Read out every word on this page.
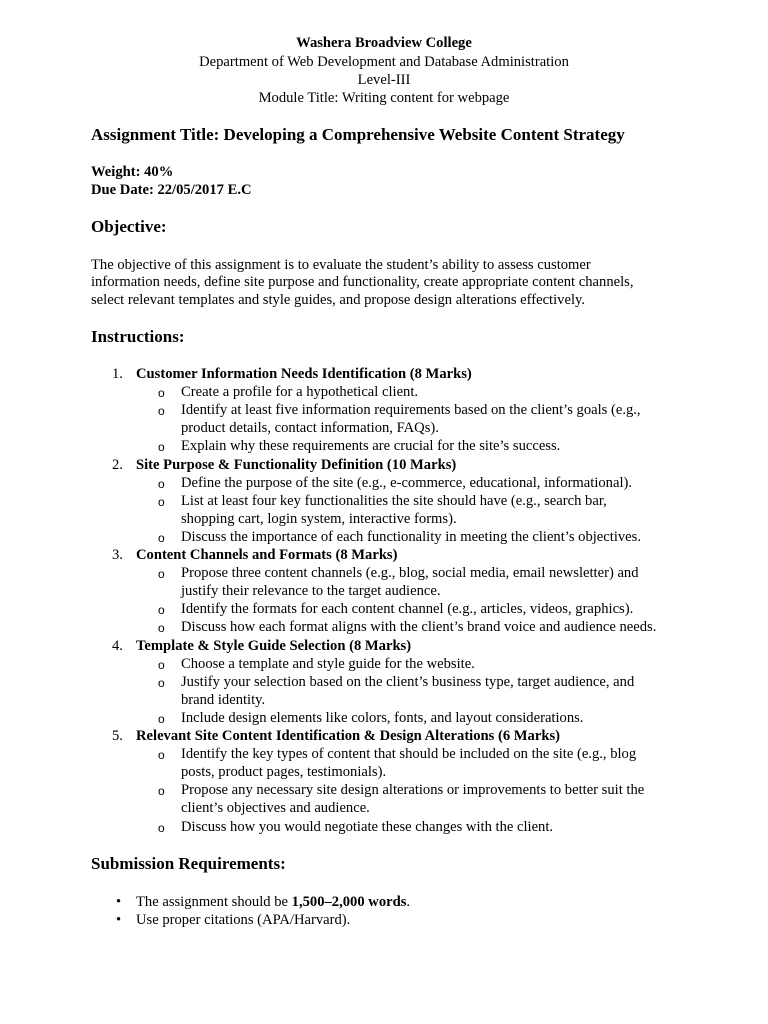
Washera Broadview College
Department of Web Development and Database Administration
Level-III
Module Title: Writing content for webpage
Assignment Title: Developing a Comprehensive Website Content Strategy
Weight: 40%
Due Date: 22/05/2017 E.C
Objective:
The objective of this assignment is to evaluate the student’s ability to assess customer
information needs, define site purpose and functionality, create appropriate content channels,
select relevant templates and style guides, and propose design alterations effectively.
Instructions:
1. Customer Information Needs Identification (8 Marks)
o	Create a profile for a hypothetical client.
o	Identify at least five information requirements based on the client’s goals (e.g.,
product details, contact information, FAQs).
o	Explain why these requirements are crucial for the site’s success.
2. Site Purpose & Functionality Definition (10 Marks)
o	Define the purpose of the site (e.g., e-commerce, educational, informational).
o	List at least four key functionalities the site should have (e.g., search bar,
shopping cart, login system, interactive forms).
o	Discuss the importance of each functionality in meeting the client’s objectives.
3. Content Channels and Formats (8 Marks)
o	Propose three content channels (e.g., blog, social media, email newsletter) and
justify their relevance to the target audience.
o	Identify the formats for each content channel (e.g., articles, videos, graphics).
o	Discuss how each format aligns with the client’s brand voice and audience needs.
4. Template & Style Guide Selection (8 Marks)
o	Choose a template and style guide for the website.
o	Justify your selection based on the client’s business type, target audience, and
brand identity.
o	Include design elements like colors, fonts, and layout considerations.
5. Relevant Site Content Identification & Design Alterations (6 Marks)
o	Identify the key types of content that should be included on the site (e.g., blog
posts, product pages, testimonials).
o	Propose any necessary site design alterations or improvements to better suit the
client’s objectives and audience.
o	Discuss how you would negotiate these changes with the client.
Submission Requirements:
•	The assignment should be 1,500–2,000 words.
•	Use proper citations (APA/Harvard).
